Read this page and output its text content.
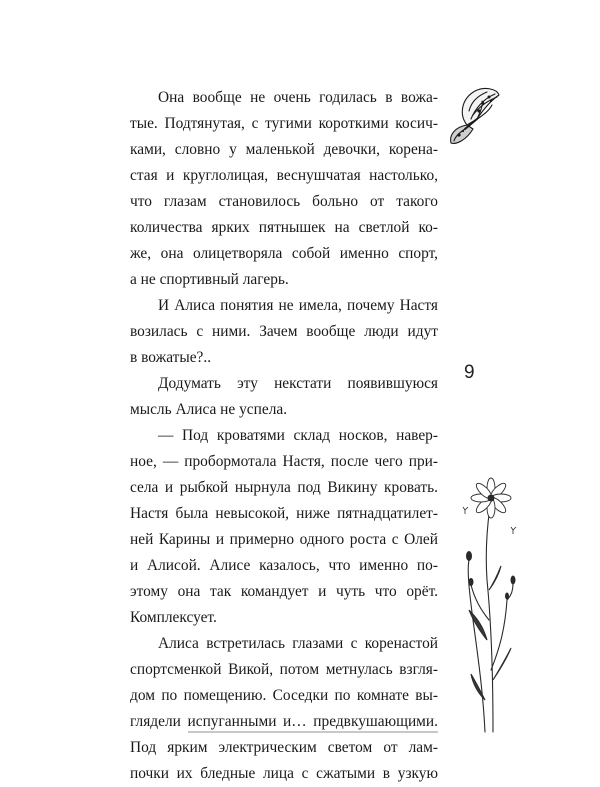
Она вообще не очень годилась в вожа-
тые. Подтянутая, с тугими короткими косич-
ками, словно у маленькой девочки, корена-
стая и круглолицая, веснушчатая настолько,
что глазам становилось больно от такого
количества ярких пятнышек на светлой ко-
же, она олицетворяла собой именно спорт,
а не спортивный лагерь.

И Алиса понятия не имела, почему Настя
возилась с ними. Зачем вообще люди идут
в вожатые?..

Додумать эту некстати появившуюся
мысль Алиса не успела.

— Под кроватями склад носков, навер-
ное, — пробормотала Настя, после чего при-
села и рыбкой нырнула под Викину кровать.
Настя была невысокой, ниже пятнадцатилет-
ней Карины и примерно одного роста с Олей
и Алисой. Алисе казалось, что именно по-
этому она так командует и чуть что орёт.
Комплексует.

Алиса встретилась глазами с коренастой
спортсменкой Викой, потом метнулась взгля-
дом по помещению. Соседки по комнате вы-
глядели испуганными и… предвкушающими.
Под ярким электрическим светом от лам-
почки их бледные лица с сжатыми в узкую

9
